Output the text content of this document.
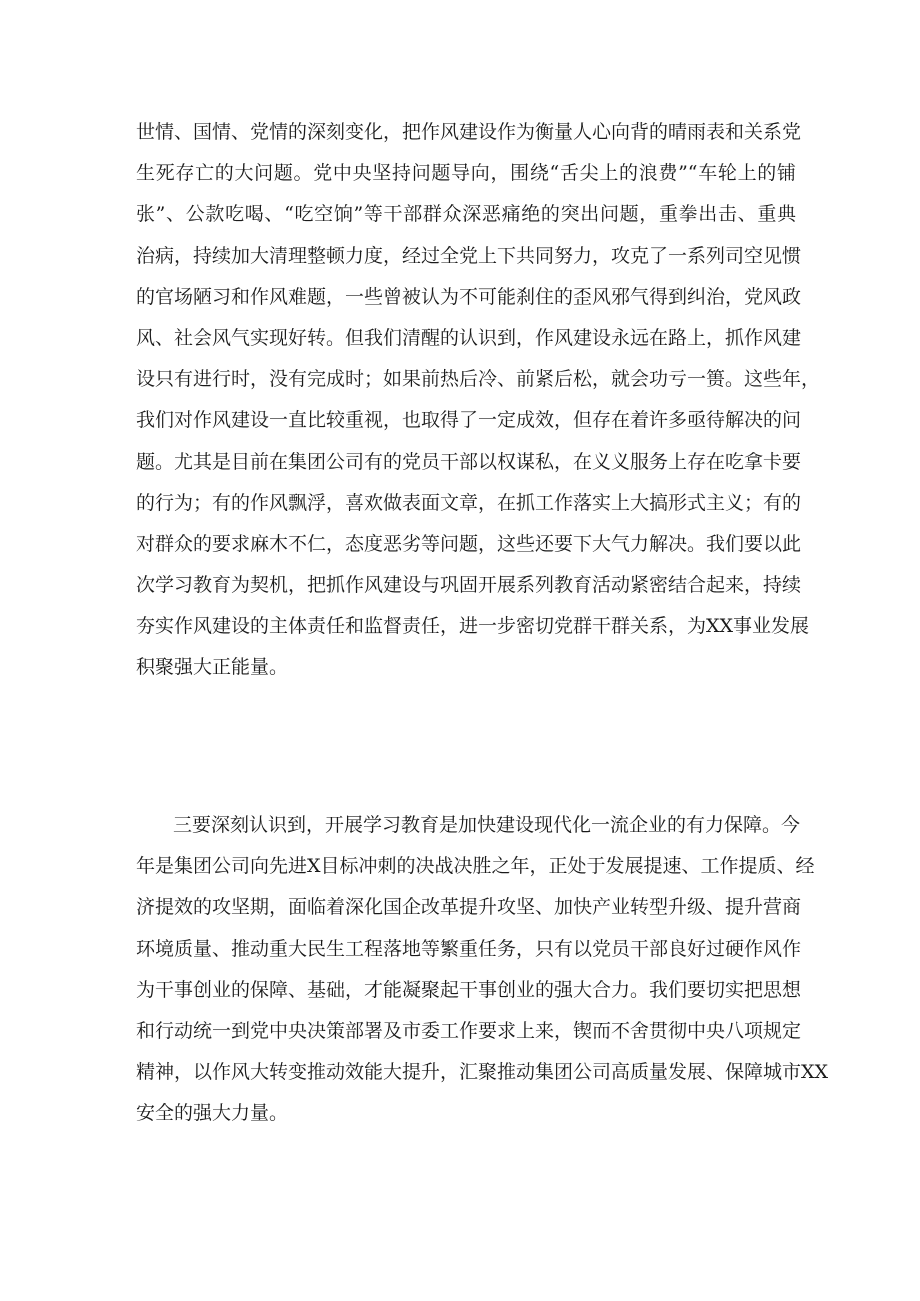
世情、国情、党情的深刻变化，把作风建设作为衡量人心向背的晴雨表和关系党
生死存亡的大问题。党中央坚持问题导向，围绕“舌尖上的浪费”“车轮上的铺
张”、公款吃喝、“吃空饷”等干部群众深恶痛绝的突出问题，重拳出击、重典
治病，持续加大清理整顿力度，经过全党上下共同努力，攻克了一系列司空见惯
的官场陋习和作风难题，一些曾被认为不可能刹住的歪风邪气得到纠治，党风政
风、社会风气实现好转。但我们清醒的认识到，作风建设永远在路上，抓作风建
设只有进行时，没有完成时；如果前热后冷、前紧后松，就会功亏一篑。这些年，
我们对作风建设一直比较重视，也取得了一定成效，但存在着许多亟待解决的问
题。尤其是目前在集团公司有的党员干部以权谋私，在义义服务上存在吃拿卡要
的行为；有的作风飘浮，喜欢做表面文章，在抓工作落实上大搞形式主义；有的
对群众的要求麻木不仁，态度恶劣等问题，这些还要下大气力解决。我们要以此
次学习教育为契机，把抓作风建设与巩固开展系列教育活动紧密结合起来，持续
夯实作风建设的主体责任和监督责任，进一步密切党群干群关系，为XX事业发展
积聚强大正能量。

三要深刻认识到，开展学习教育是加快建设现代化一流企业的有力保障。今
年是集团公司向先进X目标冲刺的决战决胜之年，正处于发展提速、工作提质、经
济提效的攻坚期，面临着深化国企改革提升攻坚、加快产业转型升级、提升营商
环境质量、推动重大民生工程落地等繁重任务，只有以党员干部良好过硬作风作
为干事创业的保障、基础，才能凝聚起干事创业的强大合力。我们要切实把思想
和行动统一到党中央决策部署及市委工作要求上来，锲而不舍贯彻中央八项规定
精神，以作风大转变推动效能大提升，汇聚推动集团公司高质量发展、保障城市XX
安全的强大力量。
